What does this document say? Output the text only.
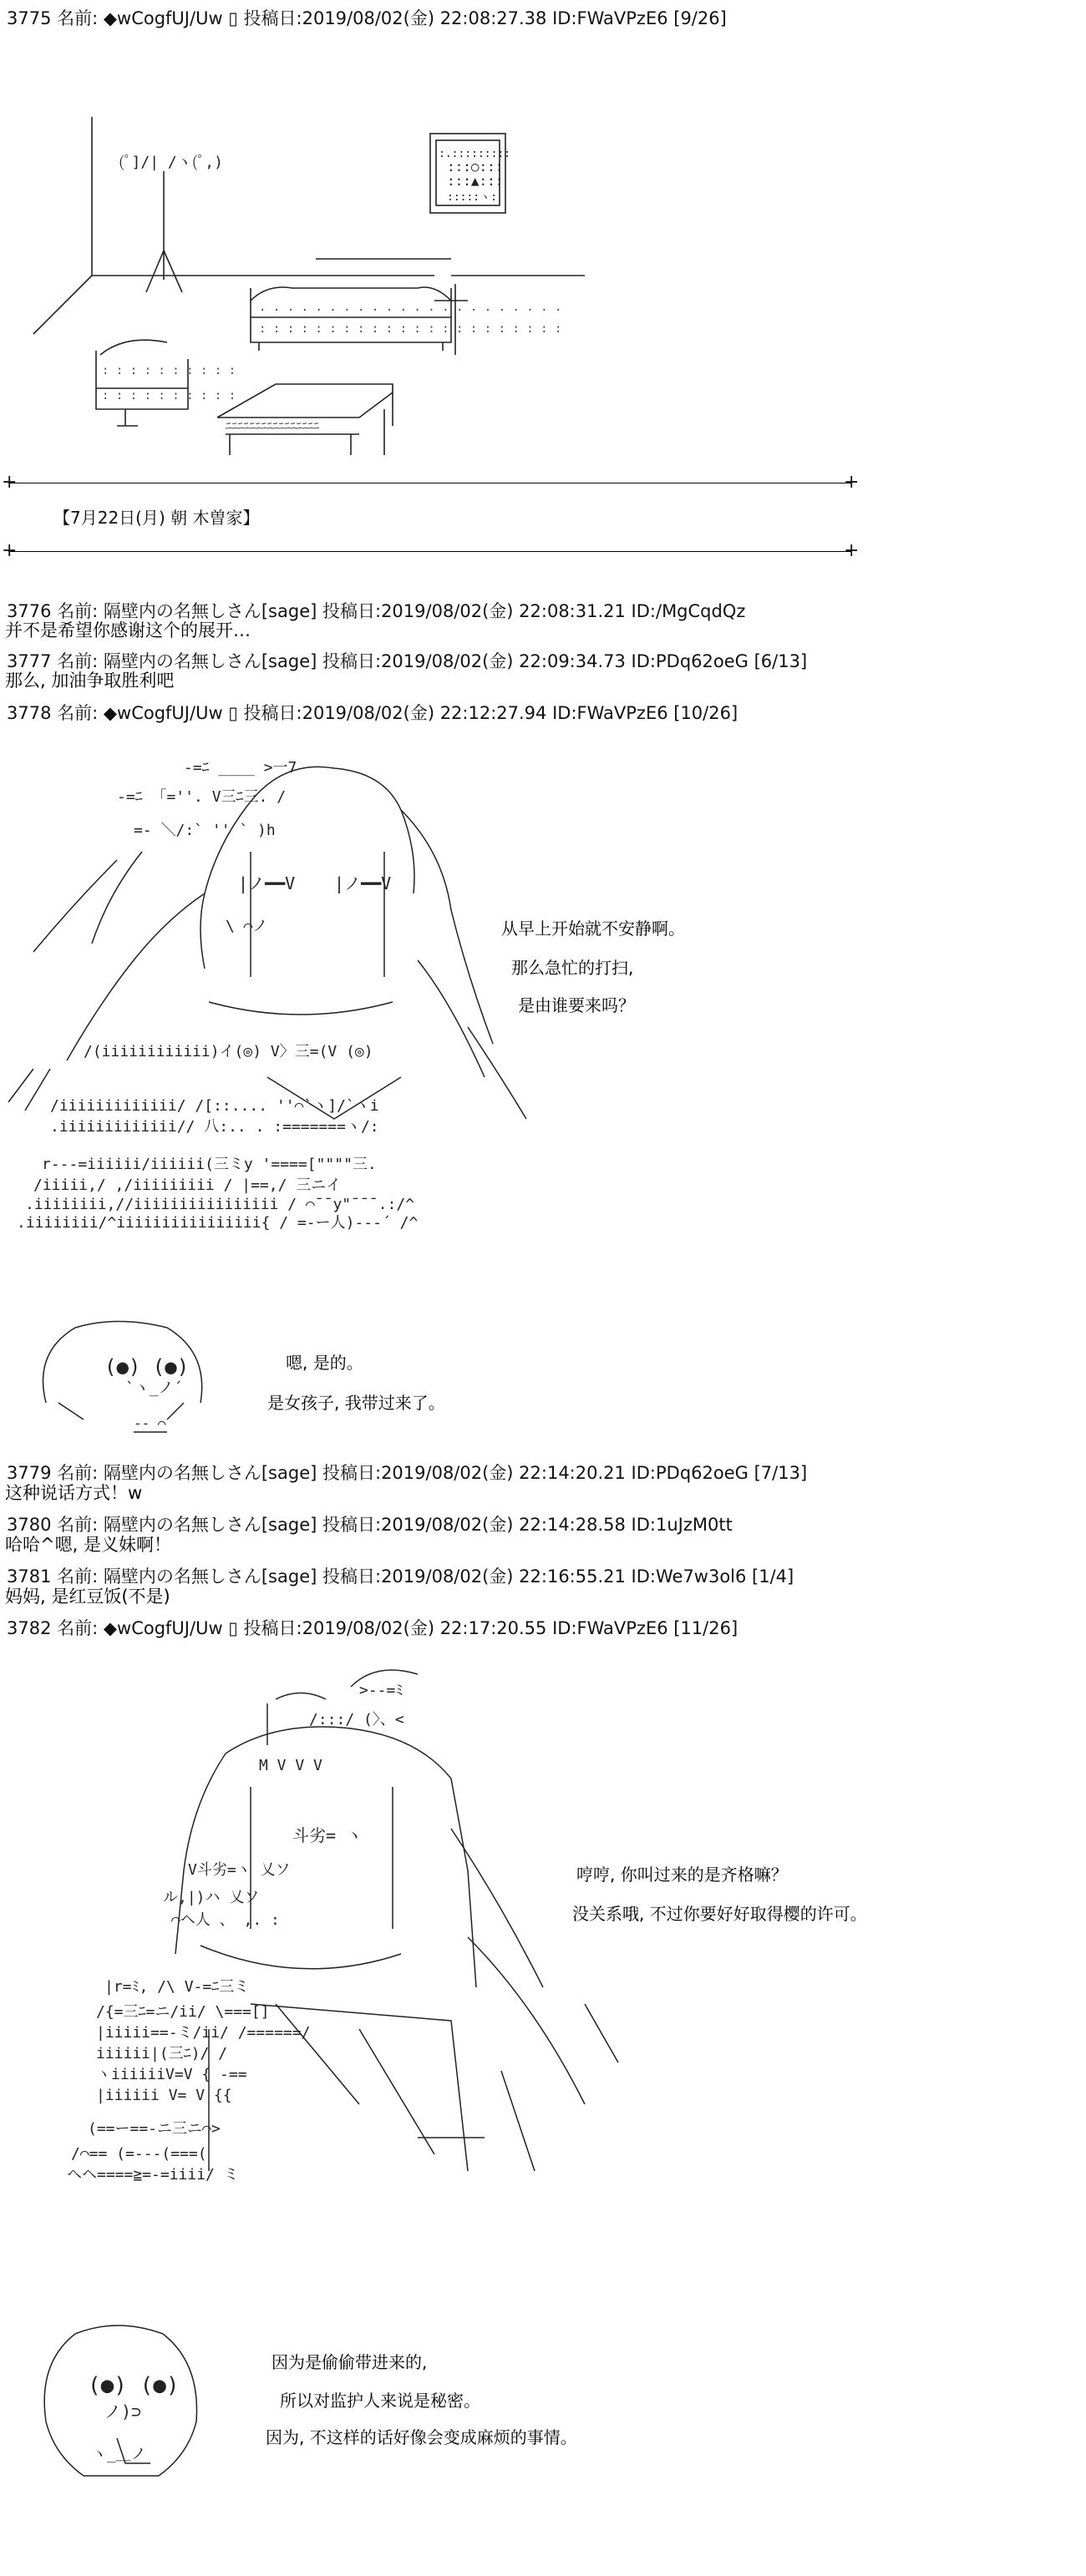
3775 名前: ◆wCogfUJ/Uw ▯ 投稿日:2019/08/02(金) 22:08:27.38 ID:FWaVPzE6 [9/26]
3776 名前: 隔壁内の名無しさん[sage] 投稿日:2019/08/02(金) 22:08:31.21 ID:/MgCqdQz
并不是希望你感谢这个的展开…
3777 名前: 隔壁内の名無しさん[sage] 投稿日:2019/08/02(金) 22:09:34.73 ID:PDq62oeG [6/13]
那么, 加油争取胜利吧
3778 名前: ◆wCogfUJ/Uw ▯ 投稿日:2019/08/02(金) 22:12:27.94 ID:FWaVPzE6 [10/26]
3779 名前: 隔壁内の名無しさん[sage] 投稿日:2019/08/02(金) 22:14:20.21 ID:PDq62oeG [7/13]
这种说话方式！w
3780 名前: 隔壁内の名無しさん[sage] 投稿日:2019/08/02(金) 22:14:28.58 ID:1uJzM0tt
哈哈^嗯, 是义妹啊！
3781 名前: 隔壁内の名無しさん[sage] 投稿日:2019/08/02(金) 22:16:55.21 ID:We7w3ol6 [1/4]
妈妈, 是红豆饭(不是)
3782 名前: ◆wCogfUJ/Uw ▯ 投稿日:2019/08/02(金) 22:17:20.55 ID:FWaVPzE6 [11/26]
+	+
【7月22日(月) 朝 木曽家】
+	+
(ﾟ]/| /ヽ(ﾟ,)	:.:::::::::
:::○:::
:::▲:::
:::::ヽ:
. . . . . . . . . . . . . . . . . . . . . .
: : : : : : : : : : : : : : : : : : : : : :
: : : : : : : : : :
: : : : : : : : : :
ﾆﾆﾆﾆﾆﾆﾆﾆﾆﾆﾆﾆﾆﾆﾆﾆ
-=ﾆ ____ >一7
-=ﾆ 「=''. V三ﾆ三. /
=- ＼/:` '' ` )h
|ノ━━V |ノ━━V
\ ⌒ノ
/(iiiiiiiiiiii)イ(◎) V〉三=(V (◎)
/iiiiiiiiiiiii/ /[::.... ''⌒`ヽ]/`ヽi
.iiiiiiiiiiiii// 八:.. . :=======ヽ/:
r---=iiiiii/iiiiii(三ミy '====[""""三.
/iiiii,/ ,/iiiiiiiii / |==,/ 三ニイ
.iiiiiiii,//iiiiiiiiiiiiiiii / ⌒¯¯y"¯¯¯.:/^
.iiiiiiii/^iiiiiiiiiiiiiiii{ / =-ー人)---´ /^
从早上开始就不安静啊。
那么急忙的打扫,
是由谁要来吗？
(●) (●)
`ヽ_ノ´
-- ⌒
嗯, 是的。
是女孩子, 我带过来了。
>--=ﾐ
/:::/ (〉、<
M V V V
斗劣= ヽ
V斗劣=ヽ 乂ソ
ル,|)ハ 乂ソ
⌒ヘ人 、 ,. :
|r=ﾐ, /\ V-=ﾆ三ミ
/{=三ﾆ=ニ/ii/ \===[]
|iiiii==-ミ/ii/ /======/
iiiiii|(三ﾆ)/ /
ヽiiiiiiV=V { -==
|iiiiii V= V {{
(==ー==-ニ三ニ⌒>
/⌒== (=---(===(
ヘヘ====≧=-=iiii/ ミ
哼哼, 你叫过来的是齐格嘛？
没关系哦, 不过你要好好取得樱的许可。
(●) (●)
ノ)⊃
ヽ_＿ノ
因为是偷偷带进来的,
所以对监护人来说是秘密。
因为, 不这样的话好像会变成麻烦的事情。
